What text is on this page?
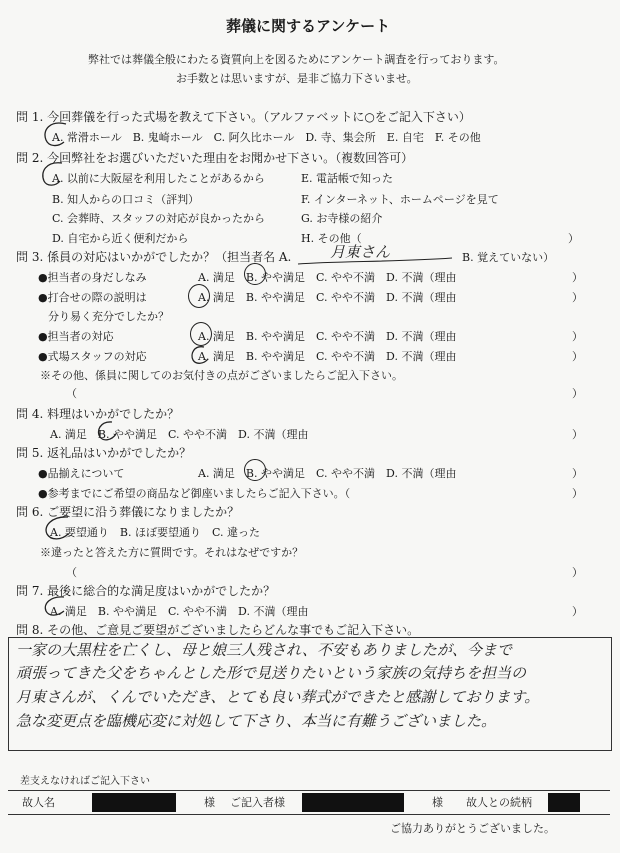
葬儀に関するアンケート
弊社では葬儀全般にわたる資質向上を図るためにアンケート調査を行っております。
お手数とは思いますが、是非ご協力下さいませ。
問 1. 今回葬儀を行った式場を教えて下さい。（アルファベットに○をご記入下さい）
A. 常滑ホール　B. 鬼崎ホール　C. 阿久比ホール　D. 寺、集会所　E. 自宅　F. その他
問 2. 今回弊社をお選びいただいた理由をお聞かせ下さい。（複数回答可）
A. 以前に大阪屋を利用したことがあるから
B. 知人からの口コミ（評判）
C. 会葬時、スタッフの対応が良かったから
D. 自宅から近く便利だから
E. 電話帳で知った
F. インターネット、ホームページを見て
G. お寺様の紹介
H. その他（	）
問 3. 係員の対応はいかがでしたか？（担当者名 A.	月東さん	B. 覚えていない）
●担当者の身だしなみ	A. 満足　B. やや満足　C. やや不満　D. 不満（理由	）
●打合せの際の説明は	A. 満足　B. やや満足　C. やや不満　D. 不満（理由	）
分り易く充分でしたか？
●担当者の対応	A. 満足　B. やや満足　C. やや不満　D. 不満（理由	）
●式場スタッフの対応	A. 満足　B. やや満足　C. やや不満　D. 不満（理由	）
※その他、係員に関してのお気付きの点がございましたらご記入下さい。
（	）
問 4. 料理はいかがでしたか？
A. 満足　B. やや満足　C. やや不満　D. 不満（理由	）
問 5. 返礼品はいかがでしたか？
●品揃えについて	A. 満足　B. やや満足　C. やや不満　D. 不満（理由	）
●参考までにご希望の商品など御座いましたらご記入下さい。（	）
問 6. ご要望に沿う葬儀になりましたか？
A. 要望通り　B. ほぼ要望通り　C. 違った
※違ったと答えた方に質問です。それはなぜですか？
（	）
問 7. 最後に総合的な満足度はいかがでしたか？
A. 満足　B. やや満足　C. やや不満　D. 不満（理由	）
問 8. その他、ご意見ご要望がございましたらどんな事でもご記入下さい。
一家の大黒柱を亡くし、母と娘三人残され、不安もありましたが、今まで
頑張ってきた父をちゃんとした形で見送りたいという家族の気持ちを担当の
月東さんが、くんでいただき、とても良い葬式ができたと感謝しております。
急な変更点を臨機応変に対処して下さり、本当に有難うございました。
差支えなければご記入下さい
故人名	様 ご記入者様	様 故人との続柄
ご協力ありがとうございました。
